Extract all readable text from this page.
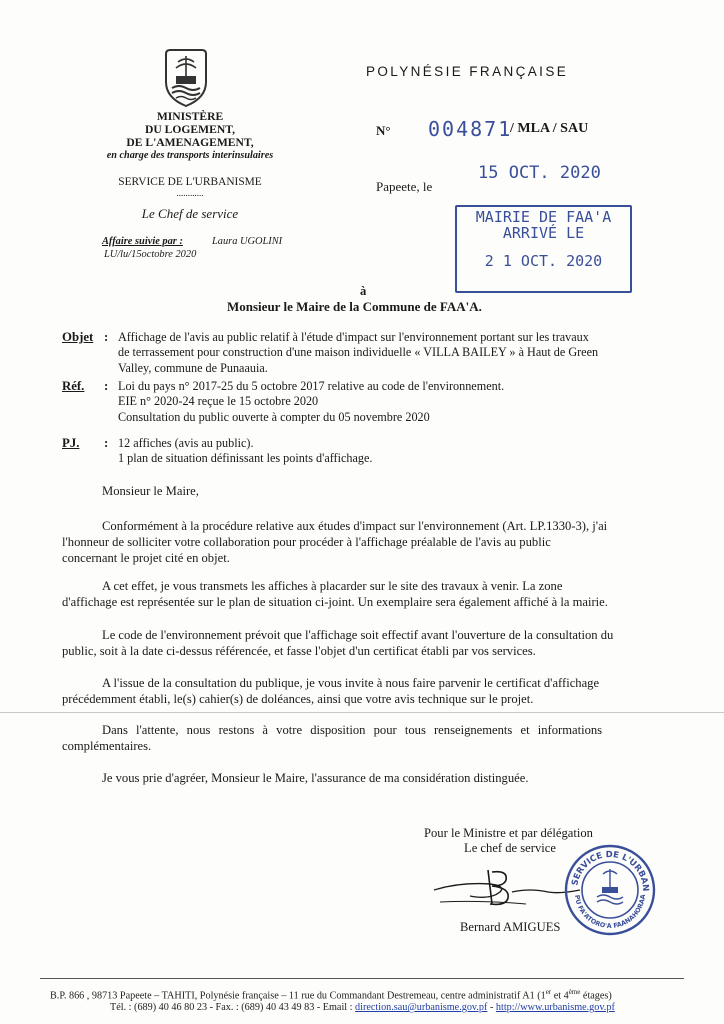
POLYNÉSIE FRANÇAISE
MINISTÈRE
DU LOGEMENT,
DE L'AMENAGEMENT,
en charge des transports interinsulaires
SERVICE DE L'URBANISME
............
Le Chef de service
Affaire suivie par :	Laura UGOLINI
LU/lu/15octobre 2020
N° 004871
/ MLA / SAU
Papeete, le
15 OCT. 2020
MAIRIE DE FAA'A
ARRIVÉ LE
2 1 OCT. 2020
à
Monsieur le Maire de la Commune de FAA'A.
Objet : Affichage de l'avis au public relatif à l'étude d'impact sur l'environnement portant sur les travaux
de terrassement pour construction d'une maison individuelle « VILLA BAILEY » à Haut de Green
Valley, commune de Punaauia.
Réf. : Loi du pays n° 2017-25 du 5 octobre 2017 relative au code de l'environnement.
EIE n° 2020-24 reçue le 15 octobre 2020
Consultation du public ouverte à compter du 05 novembre 2020
PJ. : 12 affiches (avis au public).
1 plan de situation définissant les points d'affichage.
Monsieur le Maire,
Conformément à la procédure relative aux études d'impact sur l'environnement (Art. LP.1330-3), j'ai
l'honneur de solliciter votre collaboration pour procéder à l'affichage préalable de l'avis au public
concernant le projet cité en objet.
A cet effet, je vous transmets les affiches à placarder sur le site des travaux à venir. La zone
d'affichage est représentée sur le plan de situation ci-joint. Un exemplaire sera également affiché à la mairie.
Le code de l'environnement prévoit que l'affichage soit effectif avant l'ouverture de la consultation du
public, soit à la date ci-dessus référencée, et fasse l'objet d'un certificat établi par vos services.
A l'issue de la consultation du publique, je vous invite à nous faire parvenir le certificat d'affichage
précédemment établi, le(s) cahier(s) de doléances, ainsi que votre avis technique sur le projet.
Dans l'attente, nous restons à votre disposition pour tous renseignements et informations
complémentaires.
Je vous prie d'agréer, Monsieur le Maire, l'assurance de ma considération distinguée.
Pour le Ministre et par délégation
Le chef de service
SERVICE DE L'URBAN
PU FA'ATORO'A FAANAHORAA
Bernard AMIGUES
B.P. 866 , 98713 Papeete – TAHITI, Polynésie française – 11 rue du Commandant Destremeau, centre administratif A1 (1er et 4ème étages)
Tél. : (689) 40 46 80 23 - Fax. : (689) 40 43 49 83 - Email : direction.sau@urbanisme.gov.pf - http://www.urbanisme.gov.pf
